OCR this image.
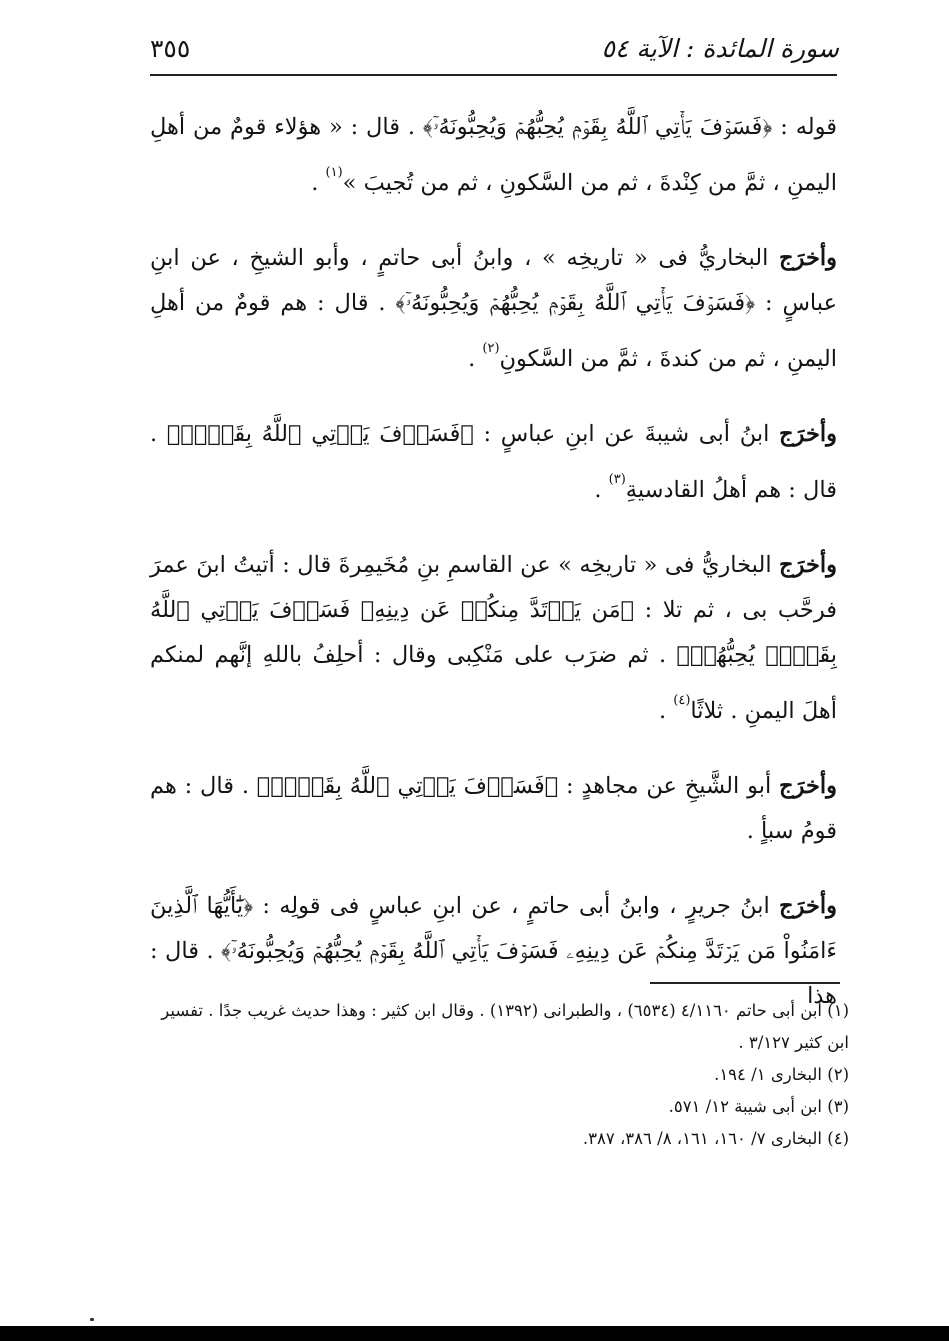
سورة المائدة : الآية ٥٤
٣٥٥

قوله : ﴿فَسَوۡفَ يَأۡتِي ٱللَّهُ بِقَوۡمٖ يُحِبُّهُمۡ وَيُحِبُّونَهُۥٓ﴾ . قال : « هؤلاء قومٌ من أهلِ اليمنِ ، ثمَّ من كِنْدةَ ، ثم من السَّكونِ ، ثم من تُجيبَ »$^{(١)}$ .

وأخرَج البخاريُّ فى « تاريخِه » ، وابنُ أبى حاتمٍ ، وأبو الشيخِ ، عن ابنِ عباسٍ : ﴿فَسَوۡفَ يَأۡتِي ٱللَّهُ بِقَوۡمٖ يُحِبُّهُمۡ وَيُحِبُّونَهُۥٓ﴾ . قال : هم قومٌ من أهلِ اليمنِ ، ثم من كندةَ ، ثمَّ من السَّكونِ$^{(٢)}$ .

وأخرَج ابنُ أبى شيبةَ عن ابنِ عباسٍ : ﴿فَسَوۡفَ يَأۡتِي ٱللَّهُ بِقَوۡمٖ﴾ . قال : هم أهلُ القادسيةِ$^{(٣)}$ .

وأخرَج البخاريُّ فى « تاريخِه » عن القاسمِ بنِ مُخَيمِرةَ قال : أتيتُ ابنَ عمرَ فرحَّب بى ، ثم تلا : ﴿مَن يَرۡتَدَّ مِنكُمۡ عَن دِينِهِۦ فَسَوۡفَ يَأۡتِي ٱللَّهُ بِقَوۡمٖ يُحِبُّهُمۡ﴾ . ثم ضرَب على مَنْكِبى وقال : أحلِفُ باللهِ إنَّهم لمنكم أهلَ اليمنِ . ثلاثًا$^{(٤)}$ .

وأخرَج أبو الشَّيخِ عن مجاهدٍ : ﴿فَسَوۡفَ يَأۡتِي ٱللَّهُ بِقَوۡمٖ﴾ . قال : هم قومُ سبأٍ .

وأخرَج ابنُ جريرٍ ، وابنُ أبى حاتمٍ ، عن ابنِ عباسٍ فى قولِه : ﴿يَٰٓأَيُّهَا ٱلَّذِينَ ءَامَنُواْ مَن يَرۡتَدَّ مِنكُمۡ عَن دِينِهِۦ فَسَوۡفَ يَأۡتِي ٱللَّهُ بِقَوۡمٖ يُحِبُّهُمۡ وَيُحِبُّونَهُۥٓ﴾ . قال : هذا

(١) ابن أبى حاتم ٤/١١٦٠ (٦٥٣٤) ، والطبرانى (١٣٩٢) . وقال ابن كثير : وهذا حديث غريب جدًا . تفسير ابن كثير ٣/١٢٧ .

(٢) البخارى ١/ ١٩٤.

(٣) ابن أبى شيبة ١٢/ ٥٧١.

(٤) البخارى ٧/ ١٦٠، ١٦١، ٨/ ٣٨٦، ٣٨٧.
